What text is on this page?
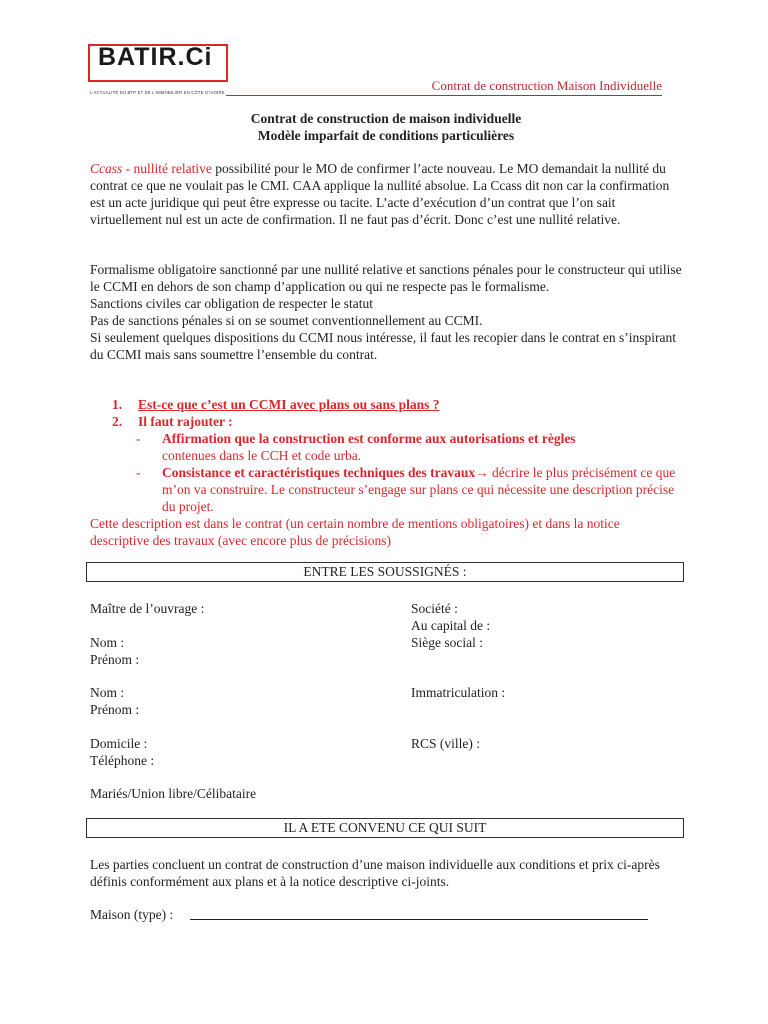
BATIR.Ci
L'ACTUALITÉ DU BTP ET DE L'IMMOBILIER EN CÔTE D'IVOIRE	Contrat de construction Maison Individuelle
Contrat de construction de maison individuelle
Modèle imparfait de conditions particulières
Ccass - nullité relative possibilité pour le MO de confirmer l’acte nouveau. Le MO demandait la nullité du contrat ce que ne voulait pas le CMI. CAA applique la nullité absolue. La Ccass dit non car la confirmation est un acte juridique qui peut être expresse ou tacite. L’acte d’exécution d’un contrat que l’on sait virtuellement nul est un acte de confirmation. Il ne faut pas d’écrit. Donc c’est une nullité relative.
Formalisme obligatoire sanctionné par une nullité relative et sanctions pénales pour le constructeur qui utilise le CCMI en dehors de son champ d’application ou qui ne respecte pas le formalisme.
Sanctions civiles car obligation de respecter le statut
Pas de sanctions pénales si on se soumet conventionnellement au CCMI.
Si seulement quelques dispositions du CCMI nous intéresse, il faut les recopier dans le contrat en s’inspirant du CCMI mais sans soumettre l’ensemble du contrat.
1. Est-ce que c’est un CCMI avec plans ou sans plans ?
2. Il faut rajouter :
- Affirmation que la construction est conforme aux autorisations et règles
contenues dans le CCH et code urba.
- Consistance et caractéristiques techniques des travaux→ décrire le plus précisément ce que m’on va construire. Le constructeur s’engage sur plans ce qui nécessite une description précise du projet.
Cette description est dans le contrat (un certain nombre de mentions obligatoires) et dans la notice descriptive des travaux (avec encore plus de précisions)
ENTRE LES SOUSSIGNÉS :
Maître de l’ouvrage :
Nom :
Prénom :
Nom :
Prénom :
Domicile :
Téléphone :
Mariés/Union libre/Célibataire
Société :
Au capital de :
Siège social :
Immatriculation :
RCS (ville) :
IL A ETE CONVENU CE QUI SUIT
Les parties concluent un contrat de construction d’une maison individuelle aux conditions et prix ci-après définis conformément aux plans et à la notice descriptive ci-joints.
Maison (type) :
